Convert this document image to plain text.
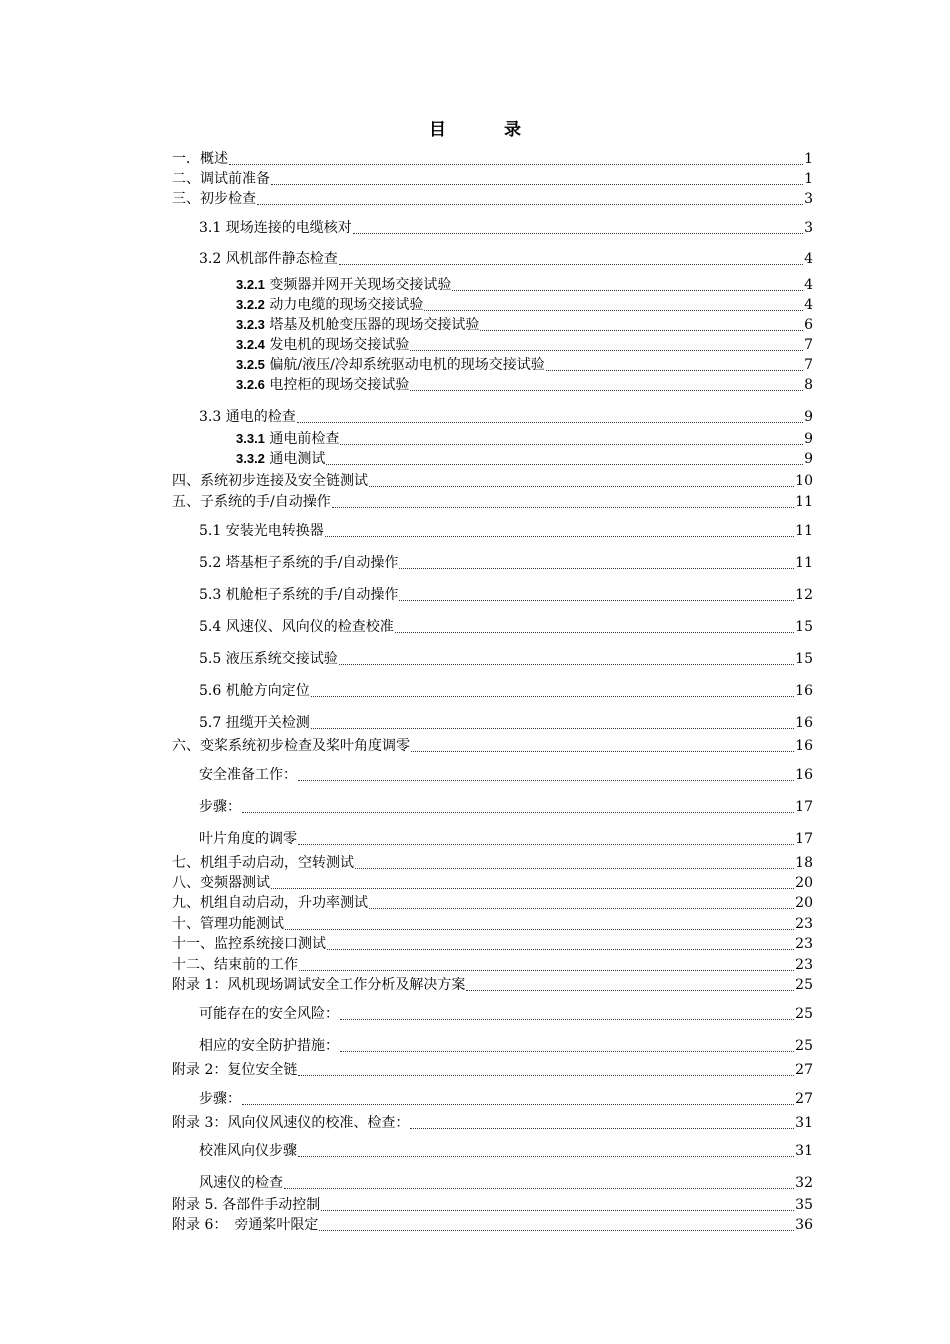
目 录
一．概述	1
二、调试前准备	1
三、初步检查	3
3.1 现场连接的电缆核对	3
3.2 风机部件静态检查	4
3.2.1 变频器并网开关现场交接试验	4
3.2.2 动力电缆的现场交接试验	4
3.2.3 塔基及机舱变压器的现场交接试验	6
3.2.4 发电机的现场交接试验	7
3.2.5 偏航/液压/冷却系统驱动电机的现场交接试验	7
3.2.6 电控柜的现场交接试验	8
3.3 通电的检查	9
3.3.1 通电前检查	9
3.3.2 通电测试	9
四、系统初步连接及安全链测试	10
五、子系统的手/自动操作	11
5.1 安装光电转换器	11
5.2 塔基柜子系统的手/自动操作	11
5.3 机舱柜子系统的手/自动操作	12
5.4 风速仪、风向仪的检查校准	15
5.5 液压系统交接试验	15
5.6 机舱方向定位	16
5.7 扭缆开关检测	16
六、变桨系统初步检查及桨叶角度调零	16
安全准备工作：	16
步骤：	17
叶片角度的调零	17
七、机组手动启动，空转测试	18
八、变频器测试	20
九、机组自动启动，升功率测试	20
十、管理功能测试	23
十一、监控系统接口测试	23
十二、结束前的工作	23
附录 1：风机现场调试安全工作分析及解决方案	25
可能存在的安全风险：	25
相应的安全防护措施：	25
附录 2：复位安全链	27
步骤：	27
附录 3：风向仪风速仪的校准、检查：	31
校准风向仪步骤	31
风速仪的检查	32
附录 5. 各部件手动控制	35
附录 6：　旁通桨叶限定	36
